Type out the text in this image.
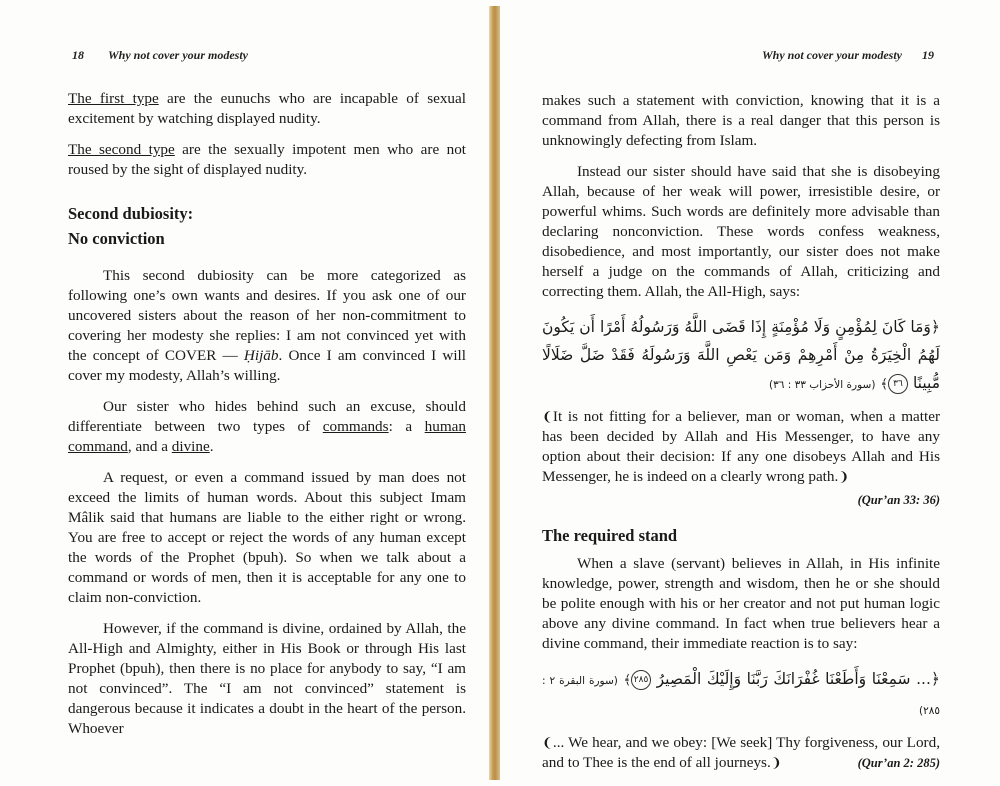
18 Why not cover your modesty

The first type are the eunuchs who are incapable of sexual excitement by watching displayed nudity.

The second type are the sexually impotent men who are not roused by the sight of displayed nudity.

Second dubiosity:
No conviction

This second dubiosity can be more categorized as following one’s own wants and desires. If you ask one of our uncovered sisters about the reason of her non-commitment to covering her modesty she replies: I am not convinced yet with the concept of COVER — Ḥijāb. Once I am convinced I will cover my modesty, Allah’s willing.

Our sister who hides behind such an excuse, should differentiate between two types of commands: a human command, and a divine.

A request, or even a command issued by man does not exceed the limits of human words. About this subject Imam Mâlik said that humans are liable to the either right or wrong. You are free to accept or reject the words of any human except the words of the Prophet (bpuh). So when we talk about a command or words of men, then it is acceptable for any one to claim non-conviction.

However, if the command is divine, ordained by Allah, the All-High and Almighty, either in His Book or through His last Prophet (bpuh), then there is no place for anybody to say, “I am not convinced”. The “I am not convinced” statement is dangerous because it indicates a doubt in the heart of the person. Whoever

Why not cover your modesty 19

makes such a statement with conviction, knowing that it is a command from Allah, there is a real danger that this person is unknowingly defecting from Islam.

Instead our sister should have said that she is disobeying Allah, because of her weak will power, irresistible desire, or powerful whims. Such words are definitely more advisable than declaring nonconviction. These words confess weakness, disobedience, and most importantly, our sister does not make herself a judge on the commands of Allah, criticizing and correcting them. Allah, the All-High, says:

﴿وَمَا كَانَ لِمُؤْمِنٍ وَلَا مُؤْمِنَةٍ إِذَا قَضَى اللَّهُ وَرَسُولُهُ أَمْرًا أَن يَكُونَ لَهُمُ الْخِيَرَةُ مِنْ أَمْرِهِمْ وَمَن يَعْصِ اللَّهَ وَرَسُولَهُ فَقَدْ ضَلَّ ضَلَالًا مُّبِينًا ٣٦﴾ (سورة الأحزاب ٣٣ : ٣٦)

❨It is not fitting for a believer, man or woman, when a matter has been decided by Allah and His Messenger, to have any option about their decision: If any one disobeys Allah and His Messenger, he is indeed on a clearly wrong path.❩

(Qur’an 33: 36)
The required stand

When a slave (servant) believes in Allah, in His infinite knowledge, power, strength and wisdom, then he or she should be polite enough with his or her creator and not put human logic above any divine command. In fact when true believers hear a divine command, their immediate reaction is to say:

﴿... سَمِعْنَا وَأَطَعْنَا غُفْرَانَكَ رَبَّنَا وَإِلَيْكَ الْمَصِيرُ ٢٨٥﴾ (سورة البقرة ٢ : ٢٨٥)

❨... We hear, and we obey: [We seek] Thy forgiveness, our Lord, and to Thee is the end of all journeys.❩	(Qur’an 2: 285)
